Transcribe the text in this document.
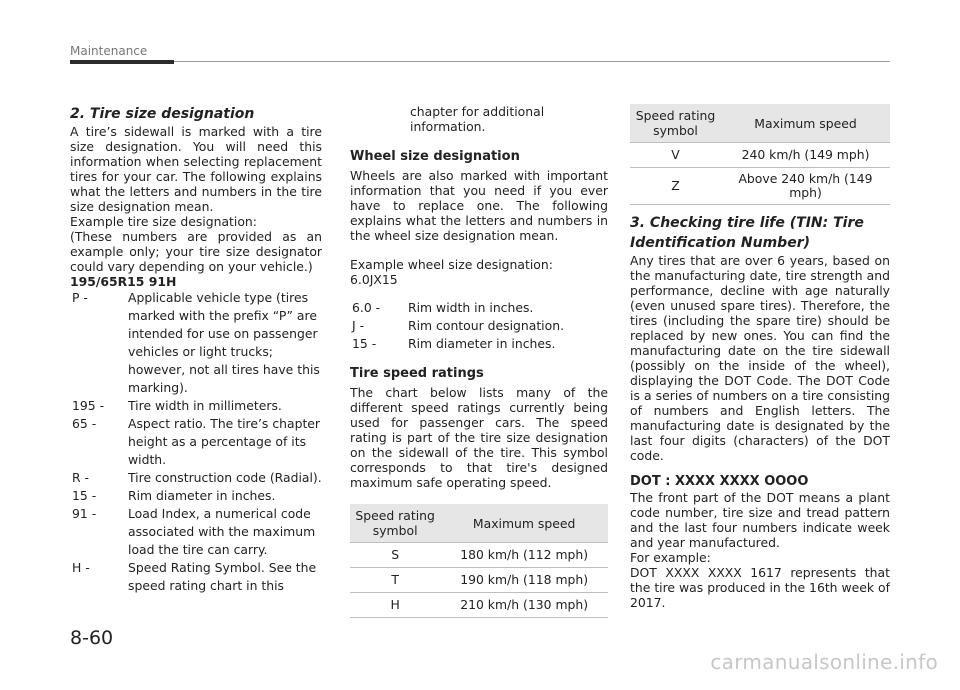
Maintenance
2. Tire size designation
A tire’s sidewall is marked with a tire size designation. You will need this information when selecting replacement tires for your car. The following explains what the letters and numbers in the tire size designation mean.
Example tire size designation:
(These numbers are provided as an example only; your tire size designator could vary depending on your vehicle.)
195/65R15 91H
P -	Applicable vehicle type (tires marked with the prefix “P” are intended for use on passenger vehicles or light trucks; however, not all tires have this marking).
195 -	Tire width in millimeters.
65 -	Aspect ratio. The tire’s chapter height as a percentage of its width.
R -	Tire construction code (Radial).
15 -	Rim diameter in inches.
91 -	Load Index, a numerical code associated with the maximum load the tire can carry.
H -	Speed Rating Symbol. See the speed rating chart in this
chapter for additional information.
Wheel size designation
Wheels are also marked with important information that you need if you ever have to replace one. The following explains what the letters and numbers in the wheel size designation mean.
Example wheel size designation:
6.0JX15
6.0 -	Rim width in inches.
J -	Rim contour designation.
15 -	Rim diameter in inches.
Tire speed ratings
The chart below lists many of the different speed ratings currently being used for passenger cars. The speed rating is part of the tire size designation on the sidewall of the tire. This symbol corresponds to that tire's designed maximum safe operating speed.
Speed rating symbol	Maximum speed
S	180 km/h (112 mph)
T	190 km/h (118 mph)
H	210 km/h (130 mph)
Speed rating symbol	Maximum speed
V	240 km/h (149 mph)
Z	Above 240 km/h (149 mph)
3. Checking tire life (TIN: Tire Identification Number)
Any tires that are over 6 years, based on the manufacturing date, tire strength and performance, decline with age naturally (even unused spare tires). Therefore, the tires (including the spare tire) should be replaced by new ones. You can find the manufacturing date on the tire sidewall (possibly on the inside of the wheel), displaying the DOT Code. The DOT Code is a series of numbers on a tire consisting of numbers and English letters. The manufacturing date is designated by the last four digits (characters) of the DOT code.
DOT : XXXX XXXX OOOO
The front part of the DOT means a plant code number, tire size and tread pattern and the last four numbers indicate week and year manufactured.
For example:
DOT XXXX XXXX 1617 represents that the tire was produced in the 16th week of 2017.
8-60
carmanualsonline.info
